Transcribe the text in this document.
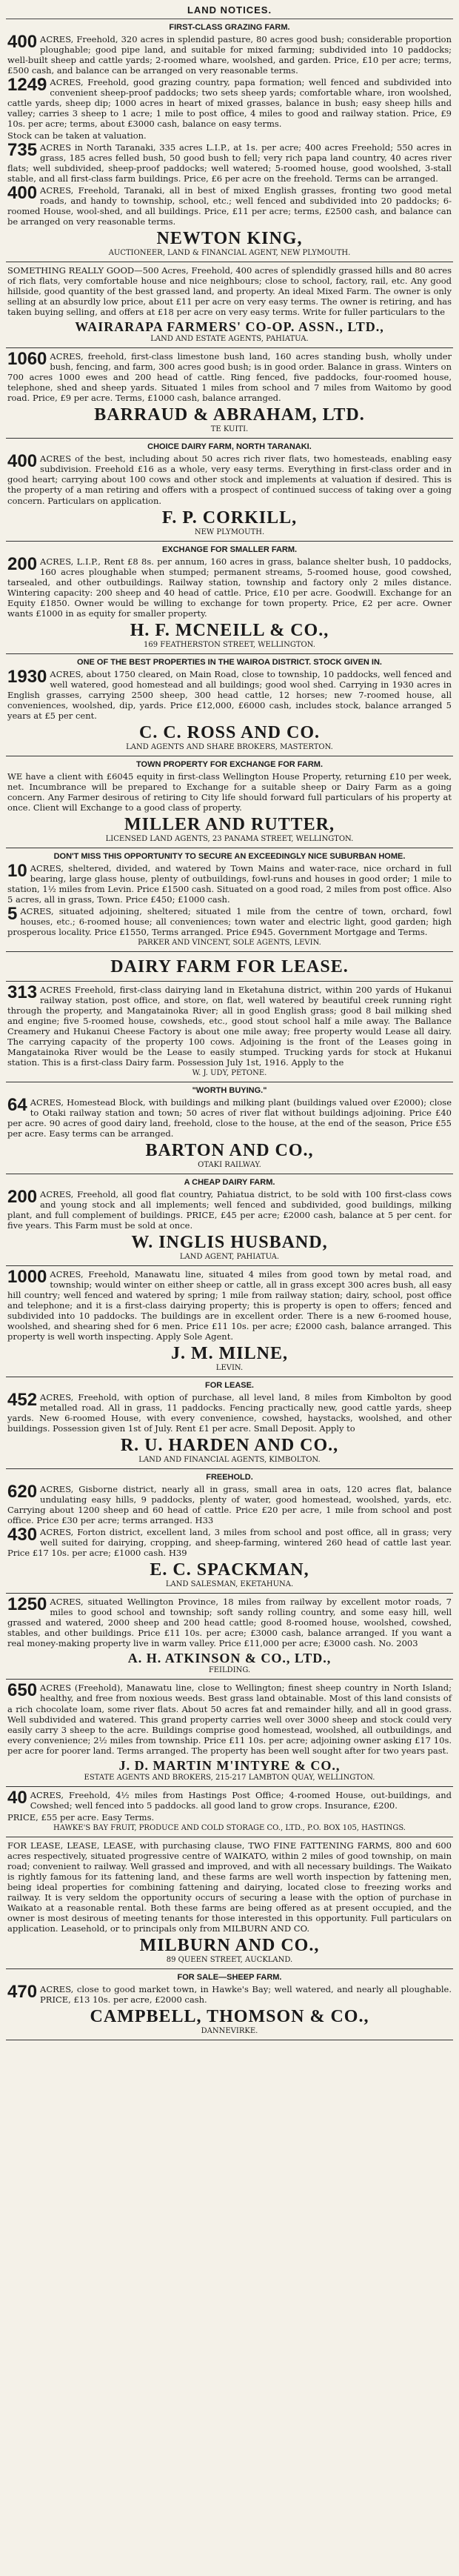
LAND NOTICES.
FIRST-CLASS GRAZING FARM.

400 ACRES, Freehold, 320 acres in splendid pasture, 80 acres good bush; considerable proportion ploughable; good pipe land, and suitable for mixed farming; subdivided into 10 paddocks; well-built sheep and cattle yards; 2-roomed whare, woolshed, and garden. Price, £10 per acre; terms, £500 cash, and balance can be arranged on very reasonable terms.

1249 ACRES, Freehold, good grazing country, papa formation; well fenced and subdivided into convenient sheep-proof paddocks; two sets sheep yards; comfortable whare, iron woolshed, cattle yards, sheep dip; 1000 acres in heart of mixed grasses, balance in bush; easy sheep hills and valley; carries 3 sheep to 1 acre; 1 mile to post office, 4 miles to good and railway station. Price, £9 10s. per acre; terms, about £3000 cash, balance on easy terms.

Stock can be taken at valuation.

735 ACRES in North Taranaki, 335 acres L.I.P., at 1s. per acre; 400 acres Freehold; 550 acres in grass, 185 acres felled bush, 50 good bush to fell; very rich papa land country, 40 acres river flats; well subdivided, sheep-proof paddocks; well watered; 5-roomed house, good woolshed, 3-stall stable, and all first-class farm buildings. Price, £6 per acre on the freehold. Terms can be arranged.

400 ACRES, Freehold, Taranaki, all in best of mixed English grasses, fronting two good metal roads, and handy to township, school, etc.; well fenced and subdivided into 20 paddocks; 6-roomed House, wool-shed, and all buildings. Price, £11 per acre; terms, £2500 cash, and balance can be arranged on very reasonable terms.

NEWTON KING,
AUCTIONEER, LAND & FINANCIAL AGENT, NEW PLYMOUTH.

SOMETHING REALLY GOOD—500 Acres, Freehold, 400 acres of splendidly grassed hills and 80 acres of rich flats, very comfortable house and nice neighbours; close to school, factory, rail, etc. Any good hillside, good quantity of the best grassed land, and property. An ideal Mixed Farm. The owner is only selling at an absurdly low price, about £11 per acre on very easy terms. The owner is retiring, and has taken buying selling, and offers at £18 per acre on very easy terms. Write for fuller particulars to the

WAIRARAPA FARMERS' CO-OP. ASSN., LTD.,
LAND AND ESTATE AGENTS, PAHIATUA.

1060 ACRES, freehold, first-class limestone bush land, 160 acres standing bush, wholly under bush, fencing, and farm, 300 acres good bush; is in good order. Balance in grass. Winters on 700 acres 1000 ewes and 200 head of cattle. Ring fenced, five paddocks, four-roomed house, telephone, shed and sheep yards. Situated 1 miles from school and 7 miles from Waitomo by good road. Price, £9 per acre. Terms, £1000 cash, balance arranged.

BARRAUD & ABRAHAM, LTD.
TE KUITI.
CHOICE DAIRY FARM, NORTH TARANAKI.

400 ACRES of the best, including about 50 acres rich river flats, two homesteads, enabling easy subdivision. Freehold £16 as a whole, very easy terms. Everything in first-class order and in good heart; carrying about 100 cows and other stock and implements at valuation if desired. This is the property of a man retiring and offers with a prospect of continued success of taking over a going concern. Particulars on application.

F. P. CORKILL,
NEW PLYMOUTH.
EXCHANGE FOR SMALLER FARM.

200 ACRES, L.I.P., Rent £8 8s. per annum, 160 acres in grass, balance shelter bush, 10 paddocks, 160 acres ploughable when stumped; permanent streams, 5-roomed house, good cowshed, tarsealed, and other outbuildings. Railway station, township and factory only 2 miles distance. Wintering capacity: 200 sheep and 40 head of cattle. Price, £10 per acre. Goodwill. Exchange for an Equity £1850. Owner would be willing to exchange for town property. Price, £2 per acre. Owner wants £1000 in as equity for smaller property.

H. F. MCNEILL & CO.,
169 FEATHERSTON STREET, WELLINGTON.
ONE OF THE BEST PROPERTIES IN THE WAIROA DISTRICT. STOCK GIVEN IN.

1930 ACRES, about 1750 cleared, on Main Road, close to township, 10 paddocks, well fenced and well watered, good homestead and all buildings; good wool shed. Carrying in 1930 acres in English grasses, carrying 2500 sheep, 300 head cattle, 12 horses; new 7-roomed house, all conveniences, woolshed, dip, yards. Price £12,000, £6000 cash, includes stock, balance arranged 5 years at £5 per cent.

C. C. ROSS AND CO.
LAND AGENTS AND SHARE BROKERS, MASTERTON.
TOWN PROPERTY FOR EXCHANGE FOR FARM.

WE have a client with £6045 equity in first-class Wellington House Property, returning £10 per week, net. Incumbrance will be prepared to Exchange for a suitable sheep or Dairy Farm as a going concern. Any Farmer desirous of retiring to City life should forward full particulars of his property at once. Client will Exchange to a good class of property.

MILLER AND RUTTER,
LICENSED LAND AGENTS, 23 PANAMA STREET, WELLINGTON.
DON'T MISS THIS OPPORTUNITY TO SECURE AN EXCEEDINGLY NICE SUBURBAN HOME.

10 ACRES, sheltered, divided, and watered by Town Mains and water-race, nice orchard in full bearing, large glass house, plenty of outbuildings, fowl-runs and houses in good order; 1 mile to station, 1½ miles from Levin. Price £1500 cash. Situated on a good road, 2 miles from post office. Also 5 acres, all in grass, Town. Price £450; £1000 cash.

5 ACRES, situated adjoining, sheltered; situated 1 mile from the centre of town, orchard, fowl houses, etc.; 6-roomed house; all conveniences; town water and electric light, good garden; high prosperous locality. Price £1550, Terms arranged. Price £945. Government Mortgage and Terms.

PARKER AND VINCENT, SOLE AGENTS, LEVIN.
DAIRY FARM FOR LEASE.

313 ACRES Freehold, first-class dairying land in Eketahuna district, within 200 yards of Hukanui railway station, post office, and store, on flat, well watered by beautiful creek running right through the property, and Mangatainoka River; all in good English grass; good 8 bail milking shed and engine; five 5-roomed house, cowsheds, etc., good stout school half a mile away. The Ballance Creamery and Hukanui Cheese Factory is about one mile away; free property would Lease all dairy. The carrying capacity of the property 100 cows. Adjoining is the front of the Leases going in Mangatainoka River would be the Lease to easily stumped. Trucking yards for stock at Hukanui station. This is a first-class Dairy farm. Possession July 1st, 1916. Apply to the

W. J. UDY, PETONE.
"WORTH BUYING."

64 ACRES, Homestead Block, with buildings and milking plant (buildings valued over £2000); close to Otaki railway station and town; 50 acres of river flat without buildings adjoining. Price £40 per acre. 90 acres of good dairy land, freehold, close to the house, at the end of the season, Price £55 per acre. Easy terms can be arranged.

BARTON AND CO.,
OTAKI RAILWAY.
A CHEAP DAIRY FARM.

200 ACRES, Freehold, all good flat country, Pahiatua district, to be sold with 100 first-class cows and young stock and all implements; well fenced and subdivided, good buildings, milking plant, and full complement of buildings. PRICE, £45 per acre; £2000 cash, balance at 5 per cent. for five years. This Farm must be sold at once.

W. INGLIS HUSBAND,
LAND AGENT, PAHIATUA.

1000 ACRES, Freehold, Manawatu line, situated 4 miles from good town by metal road, and township; would winter on either sheep or cattle, all in grass except 300 acres bush, all easy hill country; well fenced and watered by spring; 1 mile from railway station; dairy, school, post office and telephone; and it is a first-class dairying property; this is property is open to offers; fenced and subdivided into 10 paddocks. The buildings are in excellent order. There is a new 6-roomed house, woolshed, and shearing shed for 6 men. Price £11 10s. per acre; £2000 cash, balance arranged. This property is well worth inspecting. Apply Sole Agent.

J. M. MILNE,
LEVIN.
FOR LEASE.

452 ACRES, Freehold, with option of purchase, all level land, 8 miles from Kimbolton by good metalled road. All in grass, 11 paddocks. Fencing practically new, good cattle yards, sheep yards. New 6-roomed House, with every convenience, cowshed, haystacks, woolshed, and other buildings. Possession given 1st of July. Rent £1 per acre. Small Deposit. Apply to

R. U. HARDEN AND CO.,
LAND AND FINANCIAL AGENTS, KIMBOLTON.
FREEHOLD.

620 ACRES, Gisborne district, nearly all in grass, small area in oats, 120 acres flat, balance undulating easy hills, 9 paddocks, plenty of water, good homestead, woolshed, yards, etc. Carrying about 1200 sheep and 60 head of cattle. Price £20 per acre, 1 mile from school and post office. Price £30 per acre; terms arranged. H33

430 ACRES, Forton district, excellent land, 3 miles from school and post office, all in grass; very well suited for dairying, cropping, and sheep-farming, wintered 260 head of cattle last year. Price £17 10s. per acre; £1000 cash. H39

E. C. SPACKMAN,
LAND SALESMAN, EKETAHUNA.

1250 ACRES, situated Wellington Province, 18 miles from railway by excellent motor roads, 7 miles to good school and township; soft sandy rolling country, and some easy hill, well grassed and watered, 2000 sheep and 200 head cattle; good 8-roomed house, woolshed, cowshed, stables, and other buildings. Price £11 10s. per acre; £3000 cash, balance arranged. If you want a real money-making property live in warm valley. Price £11,000 per acre; £3000 cash. No. 2003

A. H. ATKINSON & CO., LTD.,
FEILDING.

650 ACRES (Freehold), Manawatu line, close to Wellington; finest sheep country in North Island; healthy, and free from noxious weeds. Best grass land obtainable. Most of this land consists of a rich chocolate loam, some river flats. About 50 acres fat and remainder hilly, and all in good grass. Well subdivided and watered. This grand property carries well over 3000 sheep and stock could very easily carry 3 sheep to the acre. Buildings comprise good homestead, woolshed, all outbuildings, and every convenience; 2½ miles from township. Price £11 10s. per acre; adjoining owner asking £17 10s. per acre for poorer land. Terms arranged. The property has been well sought after for two years past.

J. D. MARTIN M'INTYRE & CO.,
ESTATE AGENTS AND BROKERS, 215-217 LAMBTON QUAY, WELLINGTON.

40 ACRES, Freehold, 4½ miles from Hastings Post Office; 4-roomed House, out-buildings, and Cowshed; well fenced into 5 paddocks. all good land to grow crops. Insurance, £200.

PRICE, £55 per acre. Easy Terms.

HAWKE'S BAY FRUIT, PRODUCE AND COLD STORAGE CO., LTD., P.O. BOX 105, HASTINGS.

FOR LEASE, LEASE, LEASE, with purchasing clause, TWO FINE FATTENING FARMS, 800 and 600 acres respectively, situated progressive centre of WAIKATO, within 2 miles of good township, on main road; convenient to railway. Well grassed and improved, and with all necessary buildings. The Waikato is rightly famous for its fattening land, and these farms are well worth inspection by fattening men, being ideal properties for combining fattening and dairying, located close to freezing works and railway. It is very seldom the opportunity occurs of securing a lease with the option of purchase in Waikato at a reasonable rental. Both these farms are being offered as at present occupied, and the owner is most desirous of meeting tenants for those interested in this opportunity. Full particulars on application. Leasehold, or to principals only from MILBURN AND CO.

MILBURN AND CO.,
89 QUEEN STREET, AUCKLAND.
FOR SALE—SHEEP FARM.

470 ACRES, close to good market town, in Hawke's Bay; well watered, and nearly all ploughable. PRICE, £13 10s. per acre, £2000 cash.

CAMPBELL, THOMSON & CO.,
DANNEVIRKE.
